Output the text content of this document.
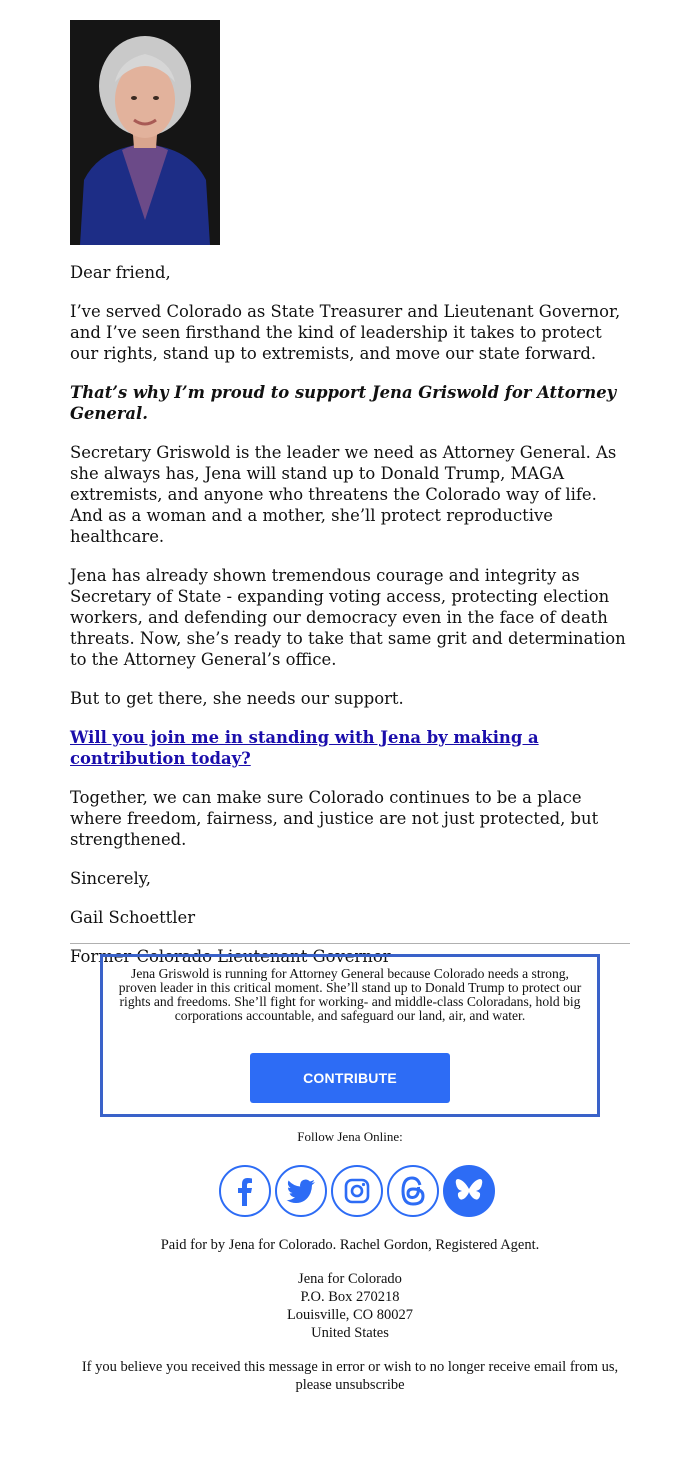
Dear friend,

I’ve served Colorado as State Treasurer and Lieutenant Governor, and I’ve seen firsthand the kind of leadership it takes to protect our rights, stand up to extremists, and move our state forward.

That’s why I’m proud to support Jena Griswold for Attorney General.

Secretary Griswold is the leader we need as Attorney General. As she always has, Jena will stand up to Donald Trump, MAGA extremists, and anyone who threatens the Colorado way of life. And as a woman and a mother, she’ll protect reproductive healthcare.

Jena has already shown tremendous courage and integrity as Secretary of State - expanding voting access, protecting election workers, and defending our democracy even in the face of death threats. Now, she’s ready to take that same grit and determination to the Attorney General’s office.

But to get there, she needs our support.

Will you join me in standing with Jena by making a contribution today?

Together, we can make sure Colorado continues to be a place where freedom, fairness, and justice are not just protected, but strengthened.

Sincerely,

Gail Schoettler

Former Colorado Lieutenant Governor

Jena Griswold is running for Attorney General because Colorado needs a strong, proven leader in this critical moment. She’ll stand up to Donald Trump to protect our rights and freedoms. She’ll fight for working- and middle-class Coloradans, hold big corporations accountable, and safeguard our land, air, and water.
CONTRIBUTE
Follow Jena Online:
Paid for by Jena for Colorado. Rachel Gordon, Registered Agent.
Jena for Colorado
P.O. Box 270218
Louisville, CO 80027
United States
If you believe you received this message in error or wish to no longer receive email from us, please unsubscribe
